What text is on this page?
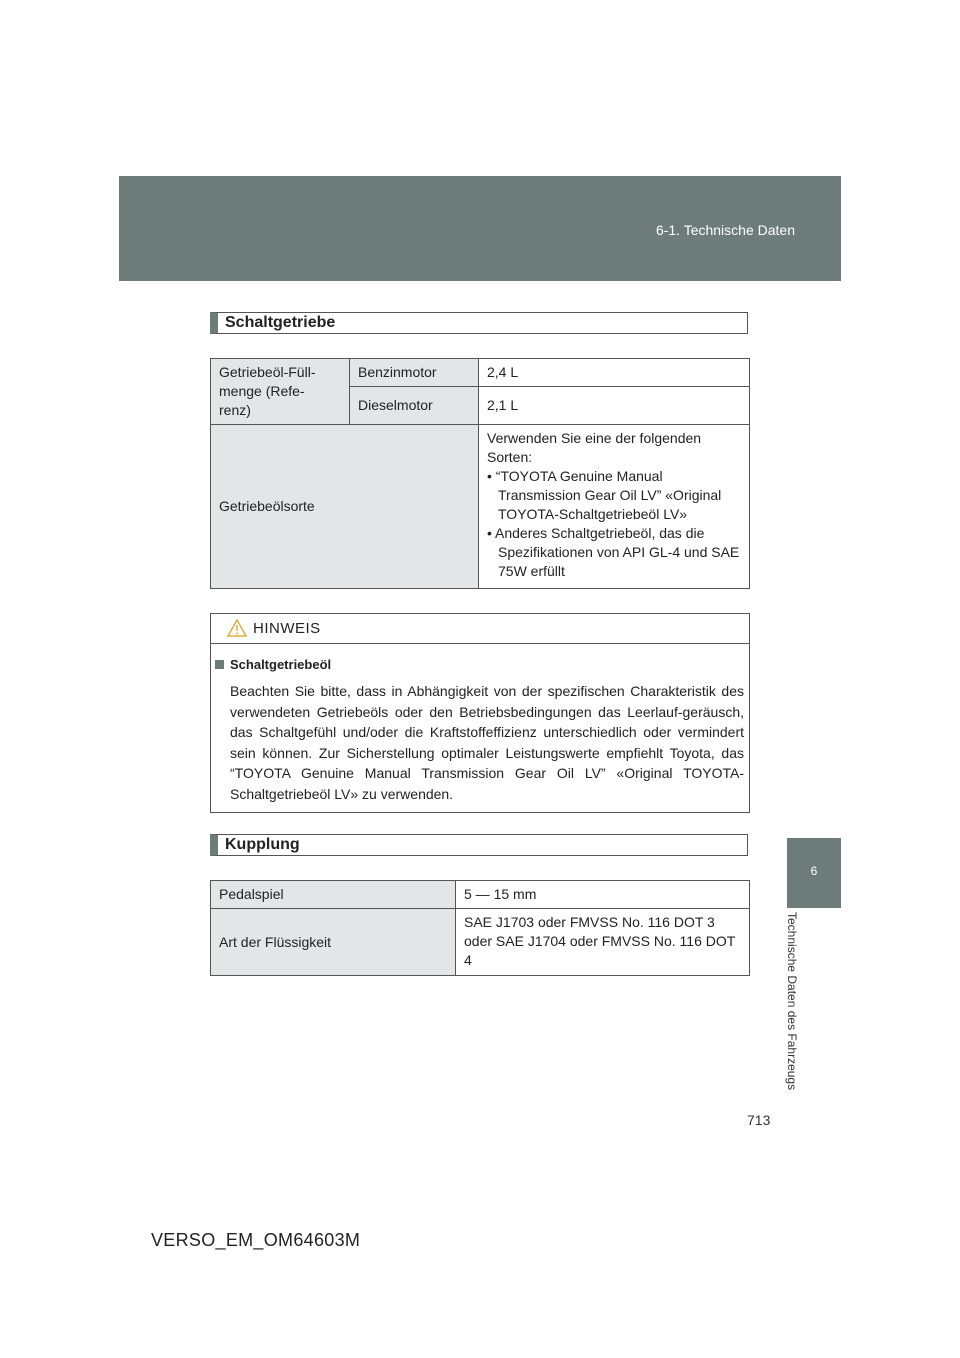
6-1. Technische Daten
6
Technische Daten des Fahrzeugs
Schaltgetriebe
Getriebeöl-Füll-
menge (Refe-
renz)	Benzinmotor	2,4 L
	Dieselmotor	2,1 L
Getriebeölsorte		Verwenden Sie eine der folgenden Sorten:
• “TOYOTA Genuine Manual Transmission Gear Oil LV” «Original TOYOTA-Schaltgetriebeöl LV»
• Anderes Schaltgetriebeöl, das die Spezifikationen von API GL-4 und SAE 75W erfüllt
HINWEIS
Schaltgetriebeöl
Beachten Sie bitte, dass in Abhängigkeit von der spezifischen Charakteristik des verwendeten Getriebeöls oder den Betriebsbedingungen das Leerlauf-geräusch, das Schaltgefühl und/oder die Kraftstoffeffizienz unterschiedlich oder vermindert sein können. Zur Sicherstellung optimaler Leistungswerte empfiehlt Toyota, das “TOYOTA Genuine Manual Transmission Gear Oil LV” «Original TOYOTA-Schaltgetriebeöl LV» zu verwenden.
Kupplung
Pedalspiel	5 — 15 mm
Art der Flüssigkeit	SAE J1703 oder FMVSS No. 116 DOT 3 oder SAE J1704 oder FMVSS No. 116 DOT 4
713
VERSO_EM_OM64603M
